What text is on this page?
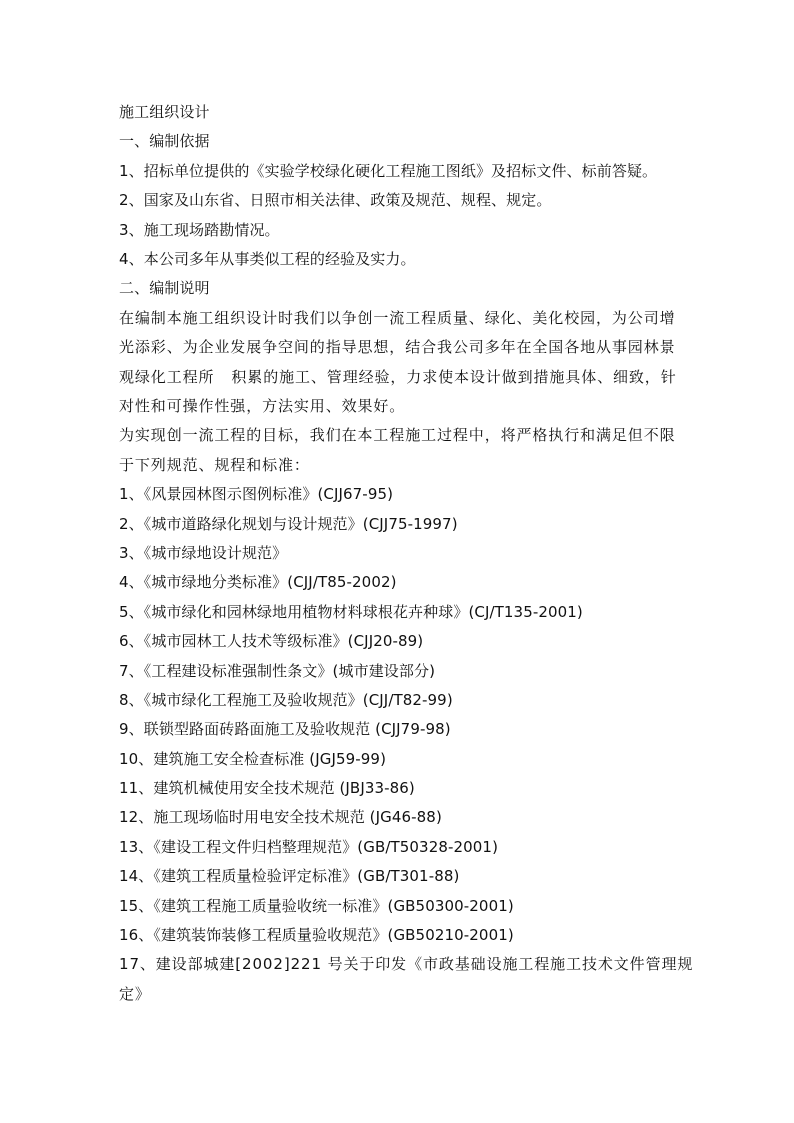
施工组织设计
一、编制依据
1、招标单位提供的《实验学校绿化硬化工程施工图纸》及招标文件、标前答疑。
2、国家及山东省、日照市相关法律、政策及规范、规程、规定。
3、施工现场踏勘情况。
4、本公司多年从事类似工程的经验及实力。
二、编制说明
在编制本施工组织设计时我们以争创一流工程质量、绿化、美化校园，为公司增
光添彩、为企业发展争空间的指导思想，结合我公司多年在全国各地从事园林景
观绿化工程所   积累的施工、管理经验，力求使本设计做到措施具体、细致，针
对性和可操作性强，方法实用、效果好。
为实现创一流工程的目标，我们在本工程施工过程中，将严格执行和满足但不限
于下列规范、规程和标准：
1、《风景园林图示图例标准》(CJJ67-95)
2、《城市道路绿化规划与设计规范》(CJJ75-1997)
3、《城市绿地设计规范》
4、《城市绿地分类标准》(CJJ/T85-2002)
5、《城市绿化和园林绿地用植物材料球根花卉种球》(CJ/T135-2001)
6、《城市园林工人技术等级标准》(CJJ20-89)
7、《工程建设标准强制性条文》(城市建设部分)
8、《城市绿化工程施工及验收规范》(CJJ/T82-99)
9、联锁型路面砖路面施工及验收规范 (CJJ79-98)
10、建筑施工安全检查标准 (JGJ59-99)
11、建筑机械使用安全技术规范 (JBJ33-86)
12、施工现场临时用电安全技术规范 (JG46-88)
13、《建设工程文件归档整理规范》(GB/T50328-2001)
14、《建筑工程质量检验评定标准》(GB/T301-88)
15、《建筑工程施工质量验收统一标准》(GB50300-2001)
16、《建筑装饰装修工程质量验收规范》(GB50210-2001)
17、建设部城建[2002]221 号关于印发《市政基础设施工程施工技术文件管理规
定》
